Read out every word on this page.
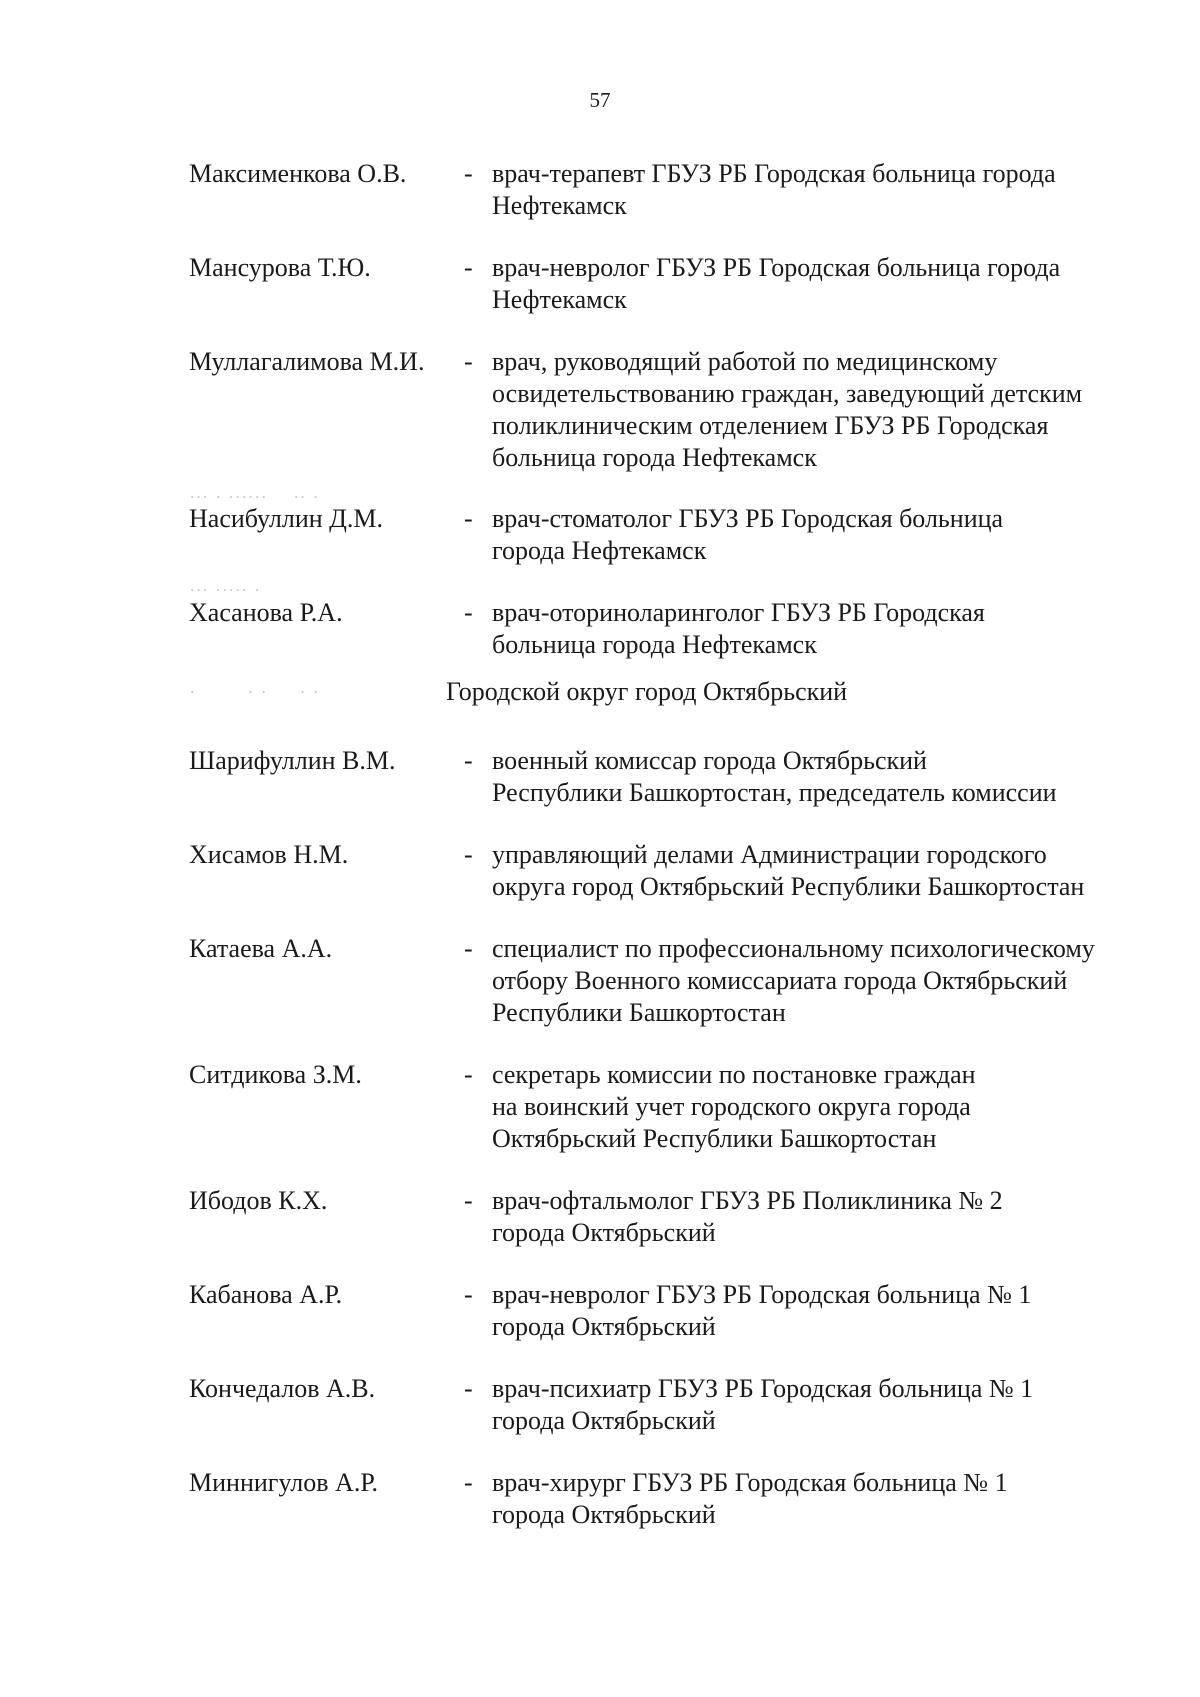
57
∙∙∙ ∙ ∙∙∙∙∙∙    ∙∙ ∙
∙∙∙ ∙∙∙∙∙ ∙
∙        ∙ ∙     ∙ ∙
Максименкова О.В. - врач-терапевт ГБУЗ РБ Городская больница города
Нефтекамск
Мансурова Т.Ю.	- врач-невролог ГБУЗ РБ Городская больница города
Нефтекамск
Муллагалимова М.И. - врач, руководящий работой по медицинскому
освидетельствованию граждан, заведующий детским
поликлиническим отделением ГБУЗ РБ Городская
больница города Нефтекамск
Насибуллин Д.М.	- врач-стоматолог ГБУЗ РБ Городская больница
города Нефтекамск
Хасанова Р.А.	- врач-оториноларинголог ГБУЗ РБ Городская
больница города Нефтекамск
Городской округ город Октябрьский
Шарифуллин В.М.	- военный комиссар города Октябрьский
Республики Башкортостан, председатель комиссии
Хисамов Н.М.	- управляющий делами Администрации городского
округа город Октябрьский Республики Башкортостан
Катаева А.А.	- специалист по профессиональному психологическому
отбору Военного комиссариата города Октябрьский
Республики Башкортостан
Ситдикова З.М.	- секретарь комиссии по постановке граждан
на воинский учет городского округа города
Октябрьский Республики Башкортостан
Ибодов К.Х.	- врач-офтальмолог ГБУЗ РБ Поликлиника № 2
города Октябрьский
Кабанова А.Р.	- врач-невролог ГБУЗ РБ Городская больница № 1
города Октябрьский
Кончедалов А.В.	- врач-психиатр ГБУЗ РБ Городская больница № 1
города Октябрьский
Миннигулов А.Р.	- врач-хирург ГБУЗ РБ Городская больница № 1
города Октябрьский
